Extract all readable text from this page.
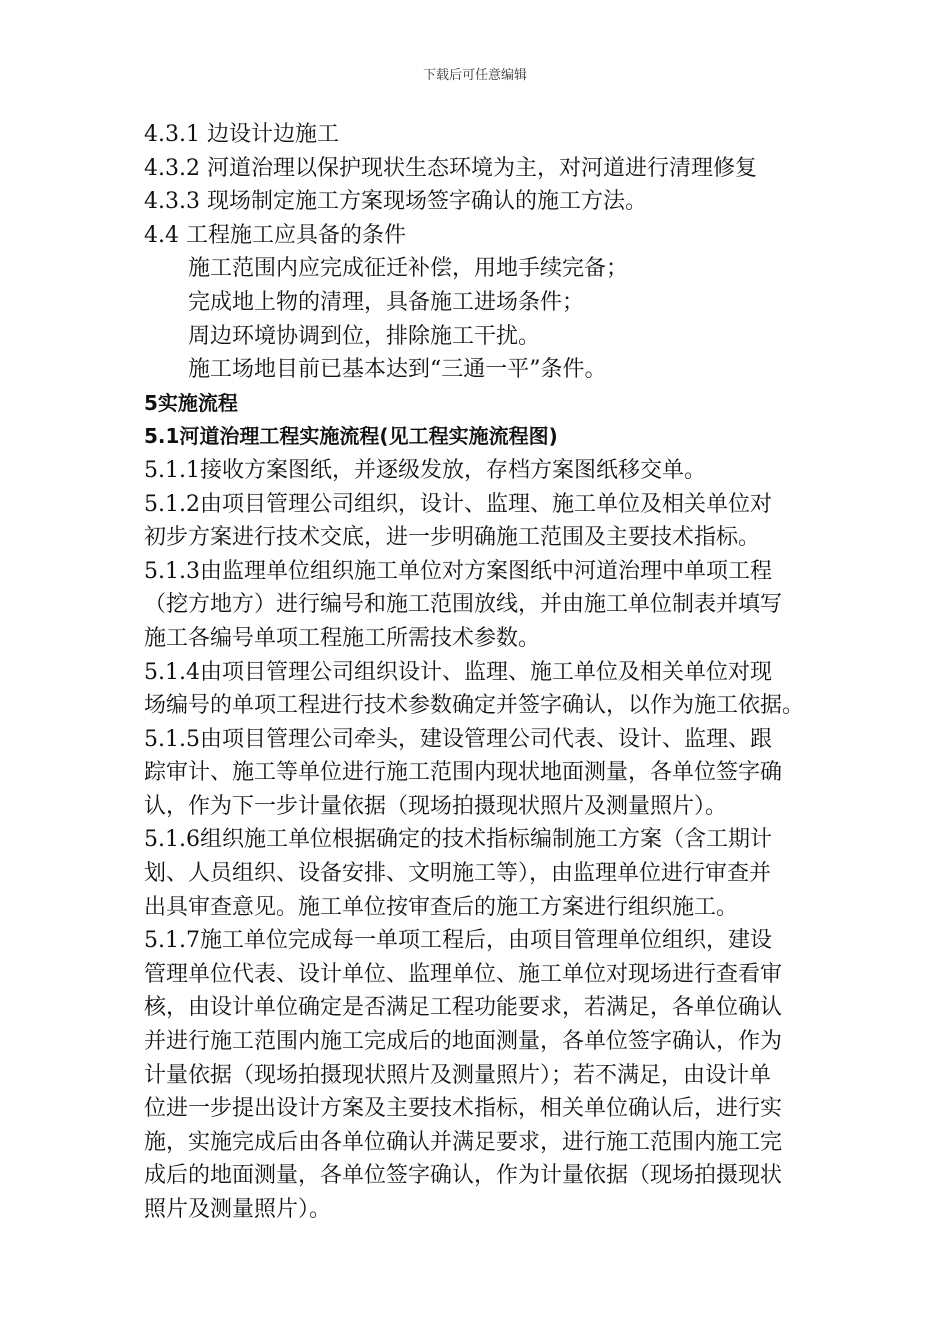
下载后可任意编辑
4.3.1 边设计边施工
4.3.2 河道治理以保护现状生态环境为主，对河道进行清理修复
4.3.3 现场制定施工方案现场签字确认的施工方法。
4.4 工程施工应具备的条件
施工范围内应完成征迁补偿，用地手续完备；
完成地上物的清理，具备施工进场条件；
周边环境协调到位，排除施工干扰。
施工场地目前已基本达到“三通一平”条件。
5实施流程
5.1河道治理工程实施流程(见工程实施流程图)
5.1.1接收方案图纸，并逐级发放，存档方案图纸移交单。
5.1.2由项目管理公司组织，设计、监理、施工单位及相关单位对
初步方案进行技术交底，进一步明确施工范围及主要技术指标。
5.1.3由监理单位组织施工单位对方案图纸中河道治理中单项工程
（挖方地方）进行编号和施工范围放线，并由施工单位制表并填写
施工各编号单项工程施工所需技术参数。
5.1.4由项目管理公司组织设计、监理、施工单位及相关单位对现
场编号的单项工程进行技术参数确定并签字确认，以作为施工依据。
5.1.5由项目管理公司牵头，建设管理公司代表、设计、监理、跟
踪审计、施工等单位进行施工范围内现状地面测量，各单位签字确
认，作为下一步计量依据（现场拍摄现状照片及测量照片）。
5.1.6组织施工单位根据确定的技术指标编制施工方案（含工期计
划、人员组织、设备安排、文明施工等），由监理单位进行审查并
出具审查意见。施工单位按审查后的施工方案进行组织施工。
5.1.7施工单位完成每一单项工程后，由项目管理单位组织，建设
管理单位代表、设计单位、监理单位、施工单位对现场进行查看审
核，由设计单位确定是否满足工程功能要求，若满足，各单位确认
并进行施工范围内施工完成后的地面测量，各单位签字确认，作为
计量依据（现场拍摄现状照片及测量照片）；若不满足，由设计单
位进一步提出设计方案及主要技术指标，相关单位确认后，进行实
施，实施完成后由各单位确认并满足要求，进行施工范围内施工完
成后的地面测量，各单位签字确认，作为计量依据（现场拍摄现状
照片及测量照片）。
